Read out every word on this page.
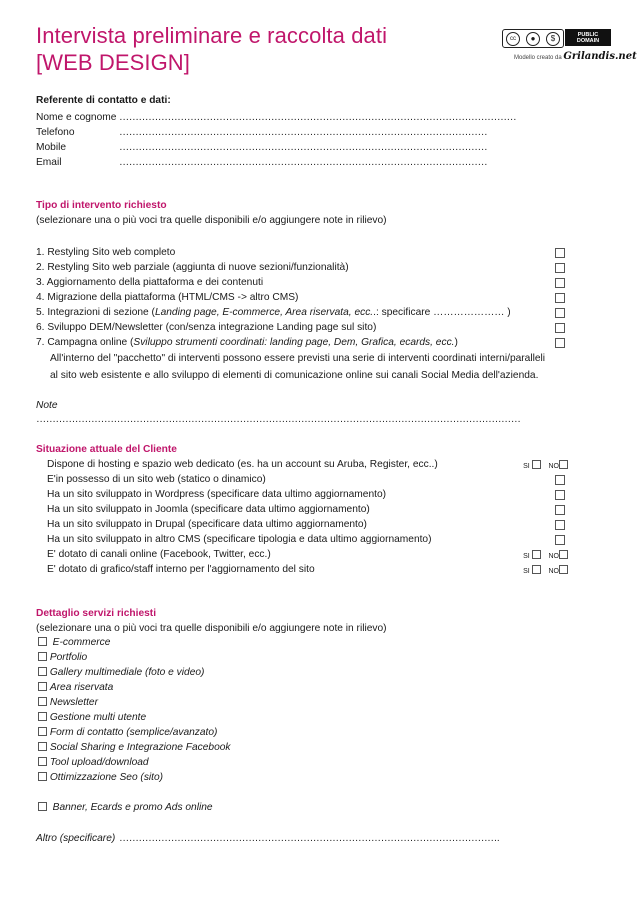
Intervista preliminare e raccolta dati
[WEB DESIGN]
cc	●	$	PUBLIC
DOMAIN
Modello creato da Grilandis.net
Referente di contatto e dati:
Nome e cognome ……………………………………………………………………………………………………………
Telefono	……………………………………………………………………………………………………
Mobile	……………………………………………………………………………………………………
Email	……………………………………………………………………………………………………
Tipo di intervento richiesto
(selezionare una o più voci tra quelle disponibili e/o aggiungere note in rilievo)
1. Restyling Sito web completo
2. Restyling Sito web parziale (aggiunta di nuove sezioni/funzionalità)
3. Aggiornamento della piattaforma e dei contenuti
4. Migrazione della piattaforma (HTML/CMS -> altro CMS)
5. Integrazioni di sezione (Landing page, E-commerce, Area riservata, ecc..: specificare ………………… )
6. Sviluppo DEM/Newsletter (con/senza integrazione Landing page sul sito)
7. Campagna online (Sviluppo strumenti coordinati: landing page, Dem, Grafica, ecards, ecc.)
All'interno del "pacchetto" di interventi possono essere previsti una serie di interventi coordinati interni/paralleli
al sito web esistente e allo sviluppo di elementi di comunicazione online sui canali Social Media dell'azienda.
Note
……………………………………………………………………………………………………………………………………
Situazione attuale del Cliente
Dispone di hosting e spazio web dedicato (es. ha un account su Aruba, Register, ecc..)	SI	NO
E'in possesso di un sito web (statico o dinamico)
Ha un sito sviluppato in Wordpress (specificare data ultimo aggiornamento)
Ha un sito sviluppato in Joomla (specificare data ultimo aggiornamento)
Ha un sito sviluppato in Drupal (specificare data ultimo aggiornamento)
Ha un sito sviluppato in altro CMS (specificare tipologia e data ultimo aggiornamento)
E' dotato di canali online (Facebook, Twitter, ecc.)	SI	NO
E' dotato di grafico/staff interno per l'aggiornamento del sito	SI	NO
Dettaglio servizi richiesti
(selezionare una o più voci tra quelle disponibili e/o aggiungere note in rilievo)
E-commerce
Portfolio
Gallery multimediale (foto e video)
Area riservata
Newsletter
Gestione multi utente
Form di contatto (semplice/avanzato)
Social Sharing e Integrazione Facebook
Tool upload/download
Ottimizzazione Seo (sito)
Banner, Ecards e promo Ads online
Altro (specificare) ……………………………………………………………………………………………………….
